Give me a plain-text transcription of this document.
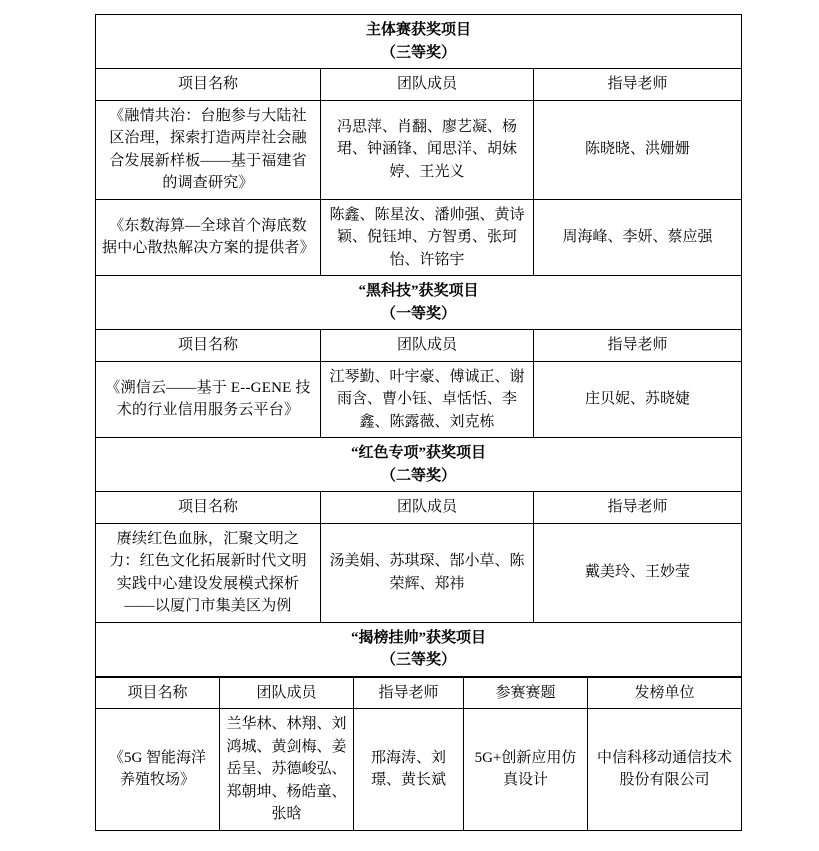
主体赛获奖项目
（三等奖）		

项目名称	团队成员	指导老师
《融情共治：台胞参与大陆社区治理，探索打造两岸社会融合发展新样板——基于福建省的调查研究》	冯思萍、肖翻、廖艺凝、杨珺、钟涵锋、闻思洋、胡妹婷、王光义	陈晓晓、洪姗姗
《东数海算—全球首个海底数据中心散热解决方案的提供者》	陈鑫、陈星汝、潘帅强、黄诗颖、倪钰坤、方智勇、张珂怡、许铭宇	周海峰、李妍、蔡应强
“黑科技”获奖项目
（一等奖）		

项目名称	团队成员	指导老师
《溯信云——基于 E--GENE 技术的行业信用服务云平台》	江琴勤、叶宇豪、傅诚正、谢雨含、曹小钰、卓恬恬、李鑫、陈露薇、刘克栋	庄贝妮、苏晓婕
“红色专项”获奖项目
（二等奖）		

项目名称	团队成员	指导老师
赓续红色血脉，汇聚文明之力：红色文化拓展新时代文明实践中心建设发展模式探析——以厦门市集美区为例	汤美娟、苏琪琛、郜小草、陈荣辉、郑祎	戴美玲、王妙莹
“揭榜挂帅”获奖项目
（三等奖）		
项目名称	团队成员	指导老师	参赛赛题	发榜单位
《5G 智能海洋养殖牧场》	兰华林、林翔、刘鸿城、黄剑梅、姜岳呈、苏德峻弘、郑朝坤、杨皓童、张晗	邢海涛、刘璟、黄长斌	5G+创新应用仿真设计	中信科移动通信技术股份有限公司
